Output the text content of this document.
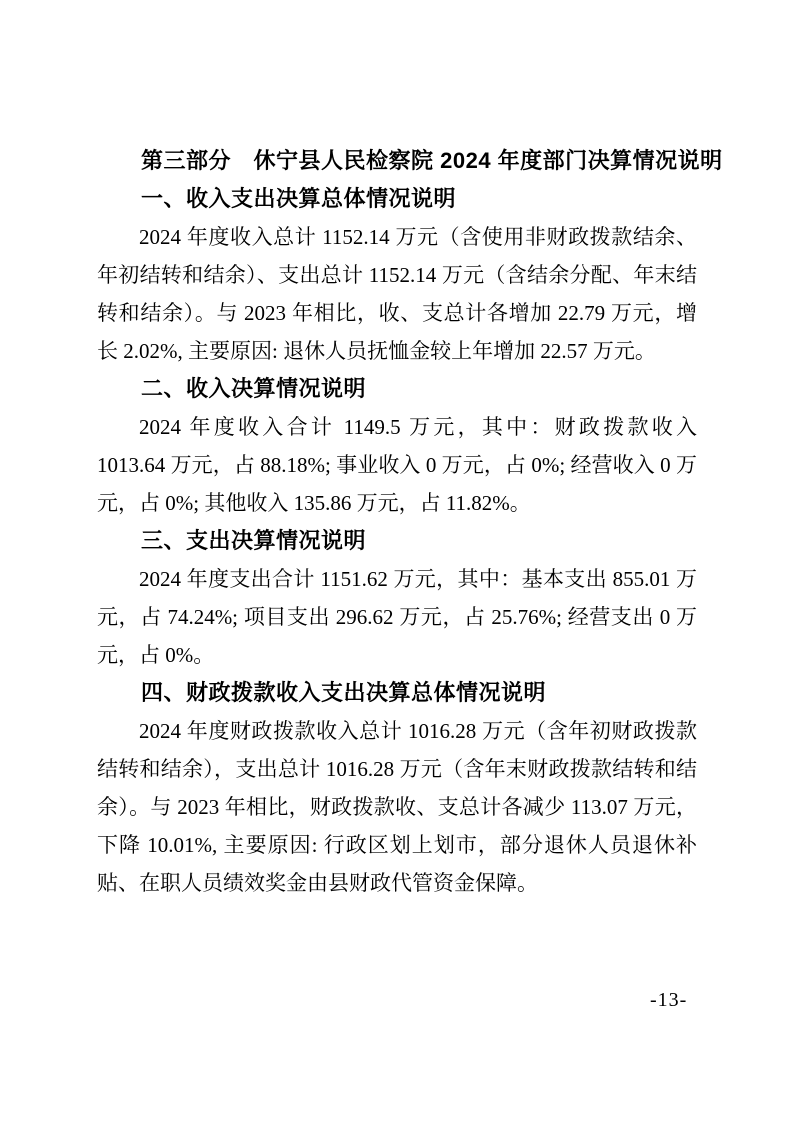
第三部分　休宁县人民检察院 2024 年度部门决算情况说明
一、收入支出决算总体情况说明

2024 年度收入总计 1152.14 万元（含使用非财政拨款结余、年初结转和结余）、支出总计 1152.14 万元（含结余分配、年末结转和结余）。与 2023 年相比，收、支总计各增加 22.79 万元，增长 2.02%, 主要原因: 退休人员抚恤金较上年增加 22.57 万元。

二、收入决算情况说明

2024 年度收入合计 1149.5 万元，其中：财政拨款收入 1013.64 万元，占 88.18%; 事业收入 0 万元，占 0%; 经营收入 0 万元，占 0%; 其他收入 135.86 万元，占 11.82%。

三、支出决算情况说明

2024 年度支出合计 1151.62 万元，其中：基本支出 855.01 万元，占 74.24%; 项目支出 296.62 万元，占 25.76%; 经营支出 0 万元，占 0%。

四、财政拨款收入支出决算总体情况说明

2024 年度财政拨款收入总计 1016.28 万元（含年初财政拨款结转和结余），支出总计 1016.28 万元（含年末财政拨款结转和结余）。与 2023 年相比，财政拨款收、支总计各减少 113.07 万元，下降 10.01%, 主要原因: 行政区划上划市，部分退休人员退休补贴、在职人员绩效奖金由县财政代管资金保障。

-13-
